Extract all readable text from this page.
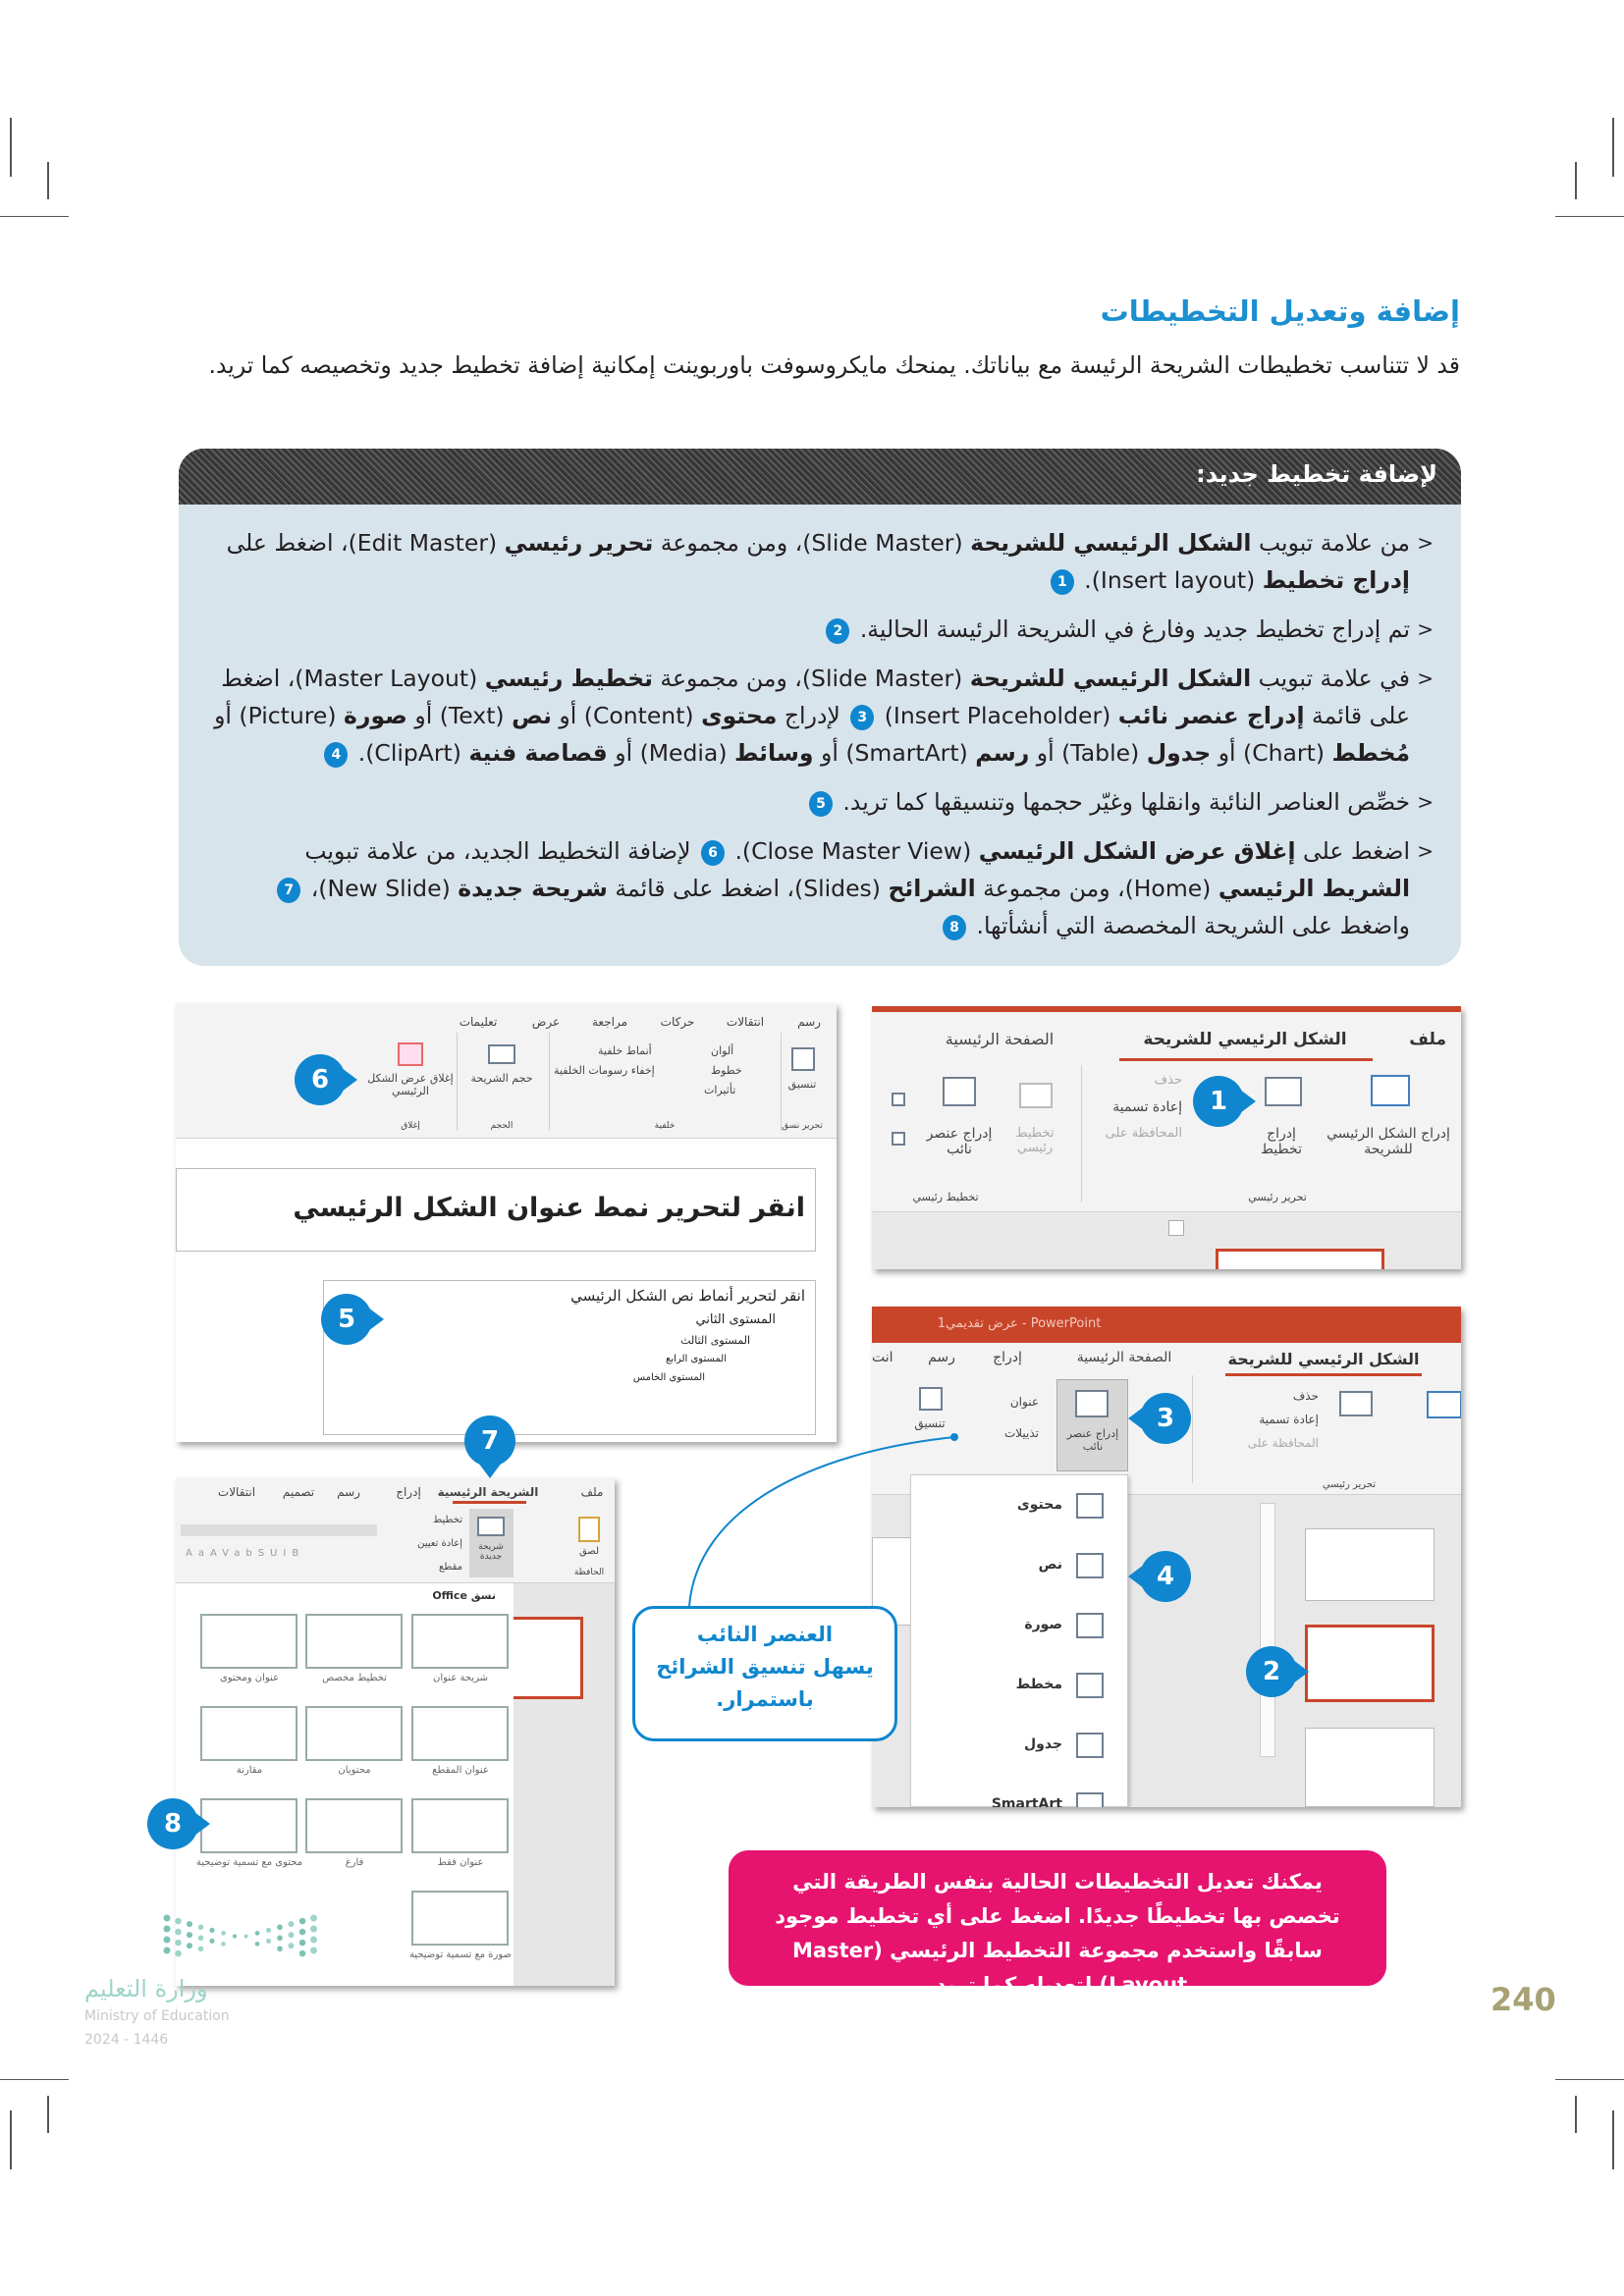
إضافة وتعديل التخطيطات

قد لا تتناسب تخطيطات الشريحة الرئيسة مع بياناتك. يمنحك مايكروسوفت باوربوينت إمكانية إضافة تخطيط جديد وتخصيصه كما تريد.

لإضافة تخطيط جديد:
< من علامة تبويب الشكل الرئيسي للشريحة (Slide Master)، ومن مجموعة تحرير رئيسي (Edit Master)، اضغط على إدراج تخطيط (Insert layout). 1
< تم إدراج تخطيط جديد وفارغ في الشريحة الرئيسة الحالية. 2
< في علامة تبويب الشكل الرئيسي للشريحة (Slide Master)، ومن مجموعة تخطيط رئيسي (Master Layout)، اضغط على قائمة إدراج عنصر نائب (Insert Placeholder) 3 لإدراج محتوى (Content) أو نص (Text) أو صورة (Picture) أو مُخطط (Chart) أو جدول (Table) أو رسم (SmartArt) أو وسائط (Media) أو قصاصة فنية (ClipArt). 4
< خصِّص العناصر النائبة وانقلها وغيّر حجمها وتنسيقها كما تريد. 5
< اضغط على إغلاق عرض الشكل الرئيسي (Close Master View). 6 لإضافة التخطيط الجديد، من علامة تبويب الشريط الرئيسي (Home)، ومن مجموعة الشرائح (Slides)، اضغط على قائمة شريحة جديدة (New Slide)، 7 واضغط على الشريحة المخصصة التي أنشأتها. 8
رسم
انتقالات
حركات
مراجعة
عرض
تعليمات
تنسيق
ألوان
خطوط
تأثيرات
أنماط خلفية
إخفاء رسومات الخلفية
حجم الشريحة
إغلاق عرض الشكل الرئيسي
تحرير نسق
خلفية
الحجم
إغلاق
انقر لتحرير نمط عنوان الشكل الرئيسي
انقر لتحرير أنماط نص الشكل الرئيسي
المستوى الثاني
المستوى الثالث
المستوى الرابع
المستوى الخامس
ملف
الشكل الرئيسي للشريحة
الصفحة الرئيسية
إدراج الشكل الرئيسي للشريحة
إدراج تخطيط
حذف
إعادة تسمية
المحافظة على
تخطيط رئيسي
إدراج عنصر نائب
تحرير رئيسي
تخطيط رئيسي
PowerPoint - عرض تقديمي1
الشكل الرئيسي للشريحة
الصفحة الرئيسية
إدراج
رسم
انت
حذف
إعادة تسمية
المحافظة على
إدراج عنصر نائب
عنوان
تذييلات
تنسيق
تحرير رئيسي
محتوى
نص
صورة
مخطط
جدول
SmartArt
ملف
الشريحة الرئيسية
إدراج
رسم
تصميم
انتقالات
لصق
الحافظة
شريحة جديدة
تخطيط
إعادة تعيين
مقطع
AaAVabSUIB
نسق Office
شريحة عنوان
تخطيط مخصص
عنوان ومحتوى
عنوان المقطع
محتويان
مقارنة
عنوان فقط
فارغ
محتوى مع تسمية توضيحية
صورة مع تسمية توضيحية
العنصر النائب
يسهل تنسيق الشرائح
باستمرار.
1
2
3
4
5
6
7
8
يمكنك تعديل التخطيطات الحالية بنفس الطريقة التي تخصص بها تخطيطًا جديدًا. اضغط على أي تخطيط موجود سابقًا واستخدم مجموعة التخطيط الرئيسي (Master Layout) لتعديله كما تريد.	240
وزارة التعليم
Ministry of Education
2024 - 1446
